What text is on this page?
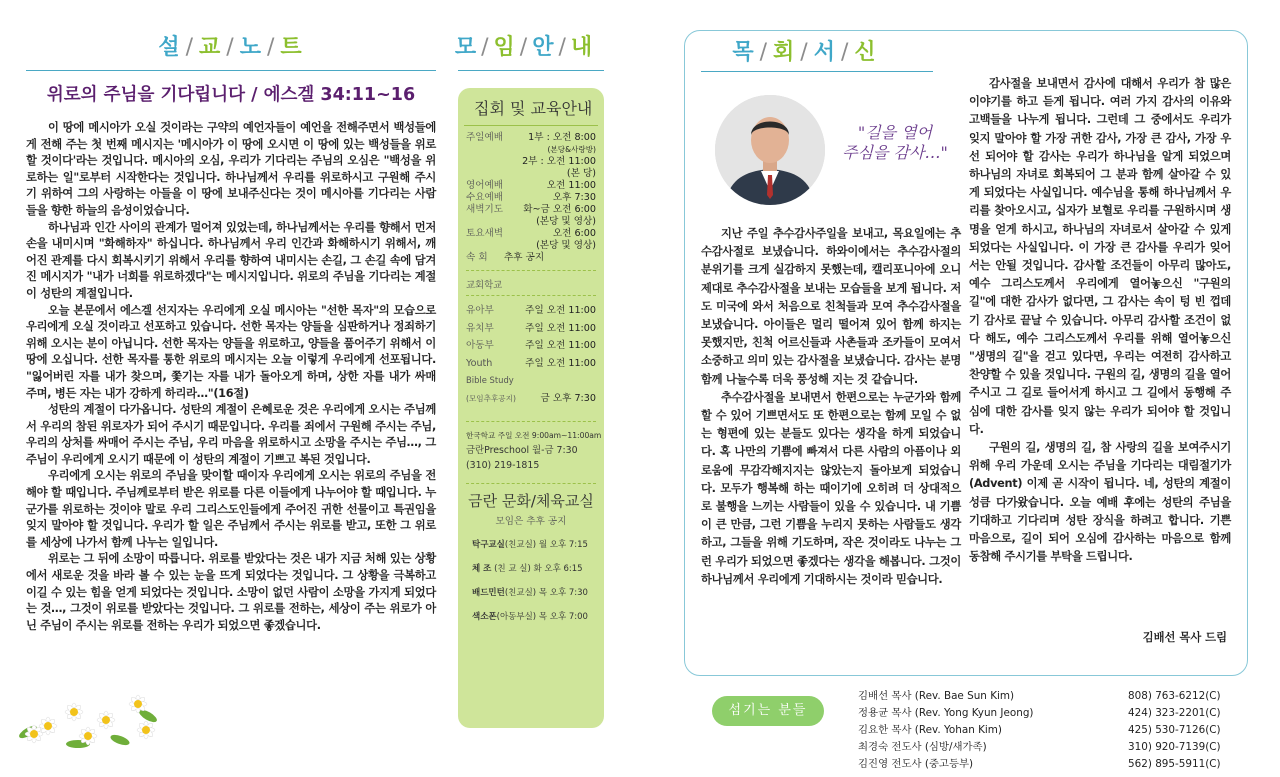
설 / 교 / 노 / 트
위로의 주님을 기다립니다 / 에스겔 34:11~16

이 땅에 메시아가 오실 것이라는 구약의 예언자들이 예언을 전해주면서 백성들에게 전해 주는 첫 번째 메시지는 '메시아가 이 땅에 오시면 이 땅에 있는 백성들을 위로할 것이다'라는 것입니다. 메시아의 오심, 우리가 기다리는 주님의 오심은 "백성을 위로하는 일"로부터 시작한다는 것입니다. 하나님께서 우리를 위로하시고 구원해 주시기 위하여 그의 사랑하는 아들을 이 땅에 보내주신다는 것이 메시아를 기다리는 사람들을 향한 하늘의 음성이었습니다.

하나님과 인간 사이의 관계가 멀어져 있었는데, 하나님께서는 우리를 향해서 먼저 손을 내미시며 "화해하자" 하십니다. 하나님께서 우리 인간과 화해하시기 위해서, 깨어진 관계를 다시 회복시키기 위해서 우리를 향하여 내미시는 손길, 그 손길 속에 담겨진 메시지가 "내가 너희를 위로하겠다"는 메시지입니다. 위로의 주님을 기다리는 계절이 성탄의 계절입니다.

오늘 본문에서 에스겔 선지자는 우리에게 오실 메시아는 "선한 목자"의 모습으로 우리에게 오실 것이라고 선포하고 있습니다. 선한 목자는 양들을 심판하거나 정죄하기 위해 오시는 분이 아닙니다. 선한 목자는 양들을 위로하고, 양들을 품어주기 위해서 이 땅에 오십니다. 선한 목자를 통한 위로의 메시지는 오늘 이렇게 우리에게 선포됩니다. "잃어버린 자를 내가 찾으며, 쫓기는 자를 내가 돌아오게 하며, 상한 자를 내가 싸매 주며, 병든 자는 내가 강하게 하리라…"(16절)

성탄의 계절이 다가옵니다. 성탄의 계절이 은혜로운 것은 우리에게 오시는 주님께서 우리의 참된 위로자가 되어 주시기 때문입니다. 우리를 죄에서 구원해 주시는 주님, 우리의 상처를 싸매어 주시는 주님, 우리 마음을 위로하시고 소망을 주시는 주님…, 그 주님이 우리에게 오시기 때문에 이 성탄의 계절이 기쁘고 복된 것입니다.

우리에게 오시는 위로의 주님을 맞이할 때이자 우리에게 오시는 위로의 주님을 전해야 할 때입니다. 주님께로부터 받은 위로를 다른 이들에게 나누어야 할 때입니다. 누군가를 위로하는 것이야 말로 우리 그리스도인들에게 주어진 귀한 선물이고 특권임을 잊지 말아야 할 것입니다. 우리가 할 일은 주님께서 주시는 위로를 받고, 또한 그 위로를 세상에 나가서 함께 나누는 일입니다.

위로는 그 뒤에 소망이 따릅니다. 위로를 받았다는 것은 내가 지금 처해 있는 상황에서 새로운 것을 바라 볼 수 있는 눈을 뜨게 되었다는 것입니다. 그 상황을 극복하고 이길 수 있는 힘을 얻게 되었다는 것입니다. 소망이 없던 사람이 소망을 가지게 되었다는 것…, 그것이 위로를 받았다는 것입니다. 그 위로를 전하는, 세상이 주는 위로가 아닌 주님이 주시는 위로를 전하는 우리가 되었으면 좋겠습니다.

모 / 임 / 안 / 내
집회 및 교육안내
주일예배	1부 : 오전 8:00
(본당&사랑방)
2부 : 오전 11:00
(본 당)
영어예배	오전 11:00
수요예배	오후 7:30
새벽기도 화~금 오전 6:00
(본당 및 영상)
토요새벽	오전 6:00
(본당 및 영상)
속 회 추후 공지
교회학교
유아부	주일 오전 11:00
유치부	주일 오전 11:00
아동부	주일 오전 11:00
Youth	주일 오전 11:00
Bible Study
(모임추후공지)	금 오후 7:30
한국학교 주일 오전 9:00am~11:00am
금란Preschool 월-금 7:30
(310) 219-1815
금란 문화/체육교실
모임은 추후 공지
탁구교실(친교실) 월 오후 7:15
체 조 (친 교 실) 화 오후 6:15
배드민턴(친교실) 목 오후 7:30
색소폰(아동부실) 목 오후 7:00
목 / 회 / 서 / 신
"길을 열어
주심을 감사…"

지난 주일 추수감사주일을 보내고, 목요일에는 추수감사절로 보냈습니다. 하와이에서는 추수감사절의 분위기를 크게 실감하지 못했는데, 캘리포니아에 오니 제대로 추수감사절을 보내는 모습들을 보게 됩니다. 저도 미국에 와서 처음으로 친척들과 모여 추수감사절을 보냈습니다. 아이들은 멀리 떨어져 있어 함께 하지는 못했지만, 친척 어르신들과 사촌들과 조카들이 모여서 소중하고 의미 있는 감사절을 보냈습니다. 감사는 분명 함께 나눌수록 더욱 풍성해 지는 것 같습니다.

추수감사절을 보내면서 한편으로는 누군가와 함께 할 수 있어 기쁘면서도 또 한편으로는 함께 모일 수 없는 형편에 있는 분들도 있다는 생각을 하게 되었습니다. 혹 나만의 기쁨에 빠져서 다른 사람의 아픔이나 외로움에 무감각해지지는 않았는지 돌아보게 되었습니다. 모두가 행복해 하는 때이기에 오히려 더 상대적으로 불행을 느끼는 사람들이 있을 수 있습니다. 내 기쁨이 큰 만큼, 그런 기쁨을 누리지 못하는 사람들도 생각하고, 그들을 위해 기도하며, 작은 것이라도 나누는 그런 우리가 되었으면 좋겠다는 생각을 해봅니다. 그것이 하나님께서 우리에게 기대하시는 것이라 믿습니다.

감사절을 보내면서 감사에 대해서 우리가 참 많은 이야기를 하고 듣게 됩니다. 여러 가지 감사의 이유와 고백들을 나누게 됩니다. 그런데 그 중에서도 우리가 잊지 말아야 할 가장 귀한 감사, 가장 큰 감사, 가장 우선 되어야 할 감사는 우리가 하나님을 알게 되었으며 하나님의 자녀로 회복되어 그 분과 함께 살아갈 수 있게 되었다는 사실입니다. 예수님을 통해 하나님께서 우리를 찾아오시고, 십자가 보혈로 우리를 구원하시며 생명을 얻게 하시고, 하나님의 자녀로서 살아갈 수 있게 되었다는 사실입니다. 이 가장 큰 감사를 우리가 잊어서는 안될 것입니다. 감사할 조건들이 아무리 많아도, 예수 그리스도께서 우리에게 열어놓으신 "구원의 길"에 대한 감사가 없다면, 그 감사는 속이 텅 빈 껍데기 감사로 끝날 수 있습니다. 아무리 감사할 조건이 없다 해도, 예수 그리스도께서 우리를 위해 열어놓으신 "생명의 길"을 걷고 있다면, 우리는 여전히 감사하고 찬양할 수 있을 것입니다. 구원의 길, 생명의 길을 열어 주시고 그 길로 들어서게 하시고 그 길에서 동행해 주심에 대한 감사를 잊지 않는 우리가 되어야 할 것입니다.

구원의 길, 생명의 길, 참 사랑의 길을 보여주시기 위해 우리 가운데 오시는 주님을 기다리는 대림절기가(Advent) 이제 곧 시작이 됩니다. 네, 성탄의 계절이 성큼 다가왔습니다. 오늘 예배 후에는 성탄의 주님을 기대하고 기다리며 성탄 장식을 하려고 합니다. 기쁜 마음으로, 길이 되어 오심에 감사하는 마음으로 함께 동참해 주시기를 부탁을 드립니다.

김배선 목사 드림
섬기는 분들
김배선 목사 (Rev. Bae Sun Kim)	808) 763-6212(C)
정용균 목사 (Rev. Yong Kyun Jeong)	424) 323-2201(C)
김요한 목사 (Rev. Yohan Kim)	425) 530-7126(C)
최경숙 전도사 (심방/새가족)	310) 920-7139(C)
김진영 전도사 (중고등부)	562) 895-5911(C)
